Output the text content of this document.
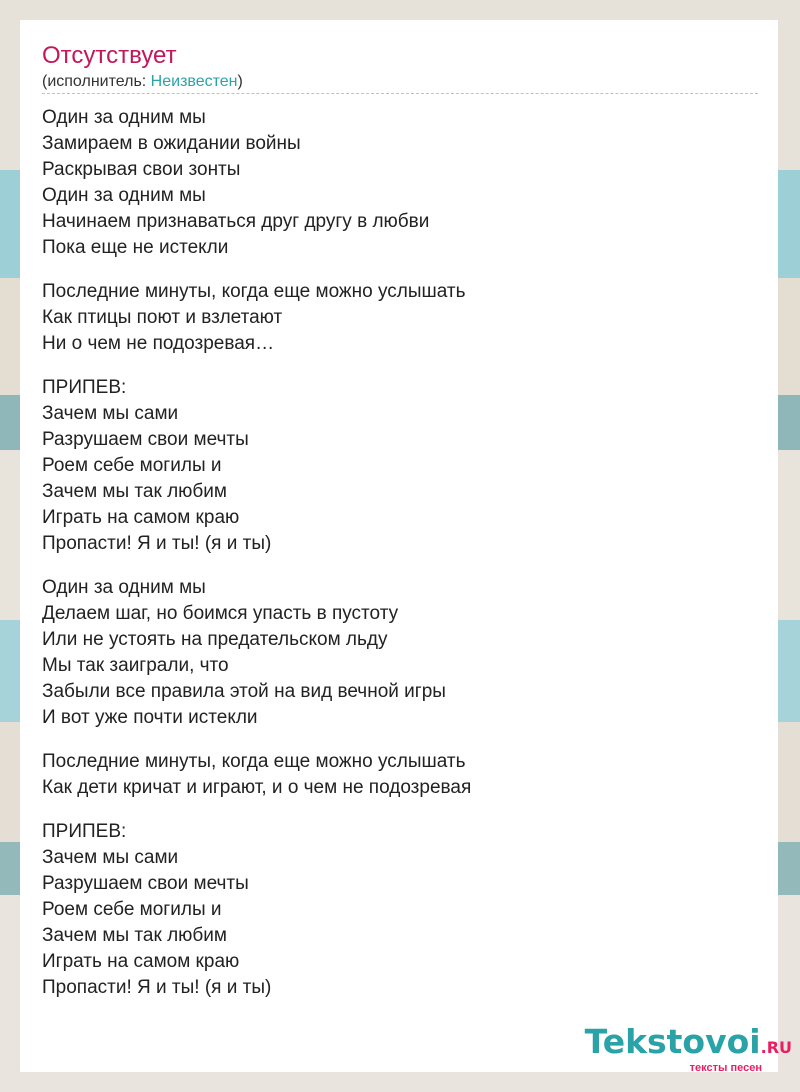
Отсутствует
(исполнитель: Неизвестен)
Один за одним мы
Замираем в ожидании войны
Раскрывая свои зонты
Один за одним мы
Начинаем признаваться друг другу в любви
Пока еще не истекли
Последние минуты, когда еще можно услышать
Как птицы поют и взлетают
Ни о чем не подозревая…
ПРИПЕВ:
Зачем мы сами
Разрушаем свои мечты
Роем себе могилы и
Зачем мы так любим
Играть на самом краю
Пропасти! Я и ты! (я и ты)
Один за одним мы
Делаем шаг, но боимся упасть в пустоту
Или не устоять на предательском льду
Мы так заиграли, что
Забыли все правила этой на вид вечной игры
И вот уже почти истекли
Последние минуты, когда еще можно услышать
Как дети кричат и играют, и о чем не подозревая
ПРИПЕВ:
Зачем мы сами
Разрушаем свои мечты
Роем себе могилы и
Зачем мы так любим
Играть на самом краю
Пропасти! Я и ты! (я и ты)
Tekstovoi.RU
тексты песен
